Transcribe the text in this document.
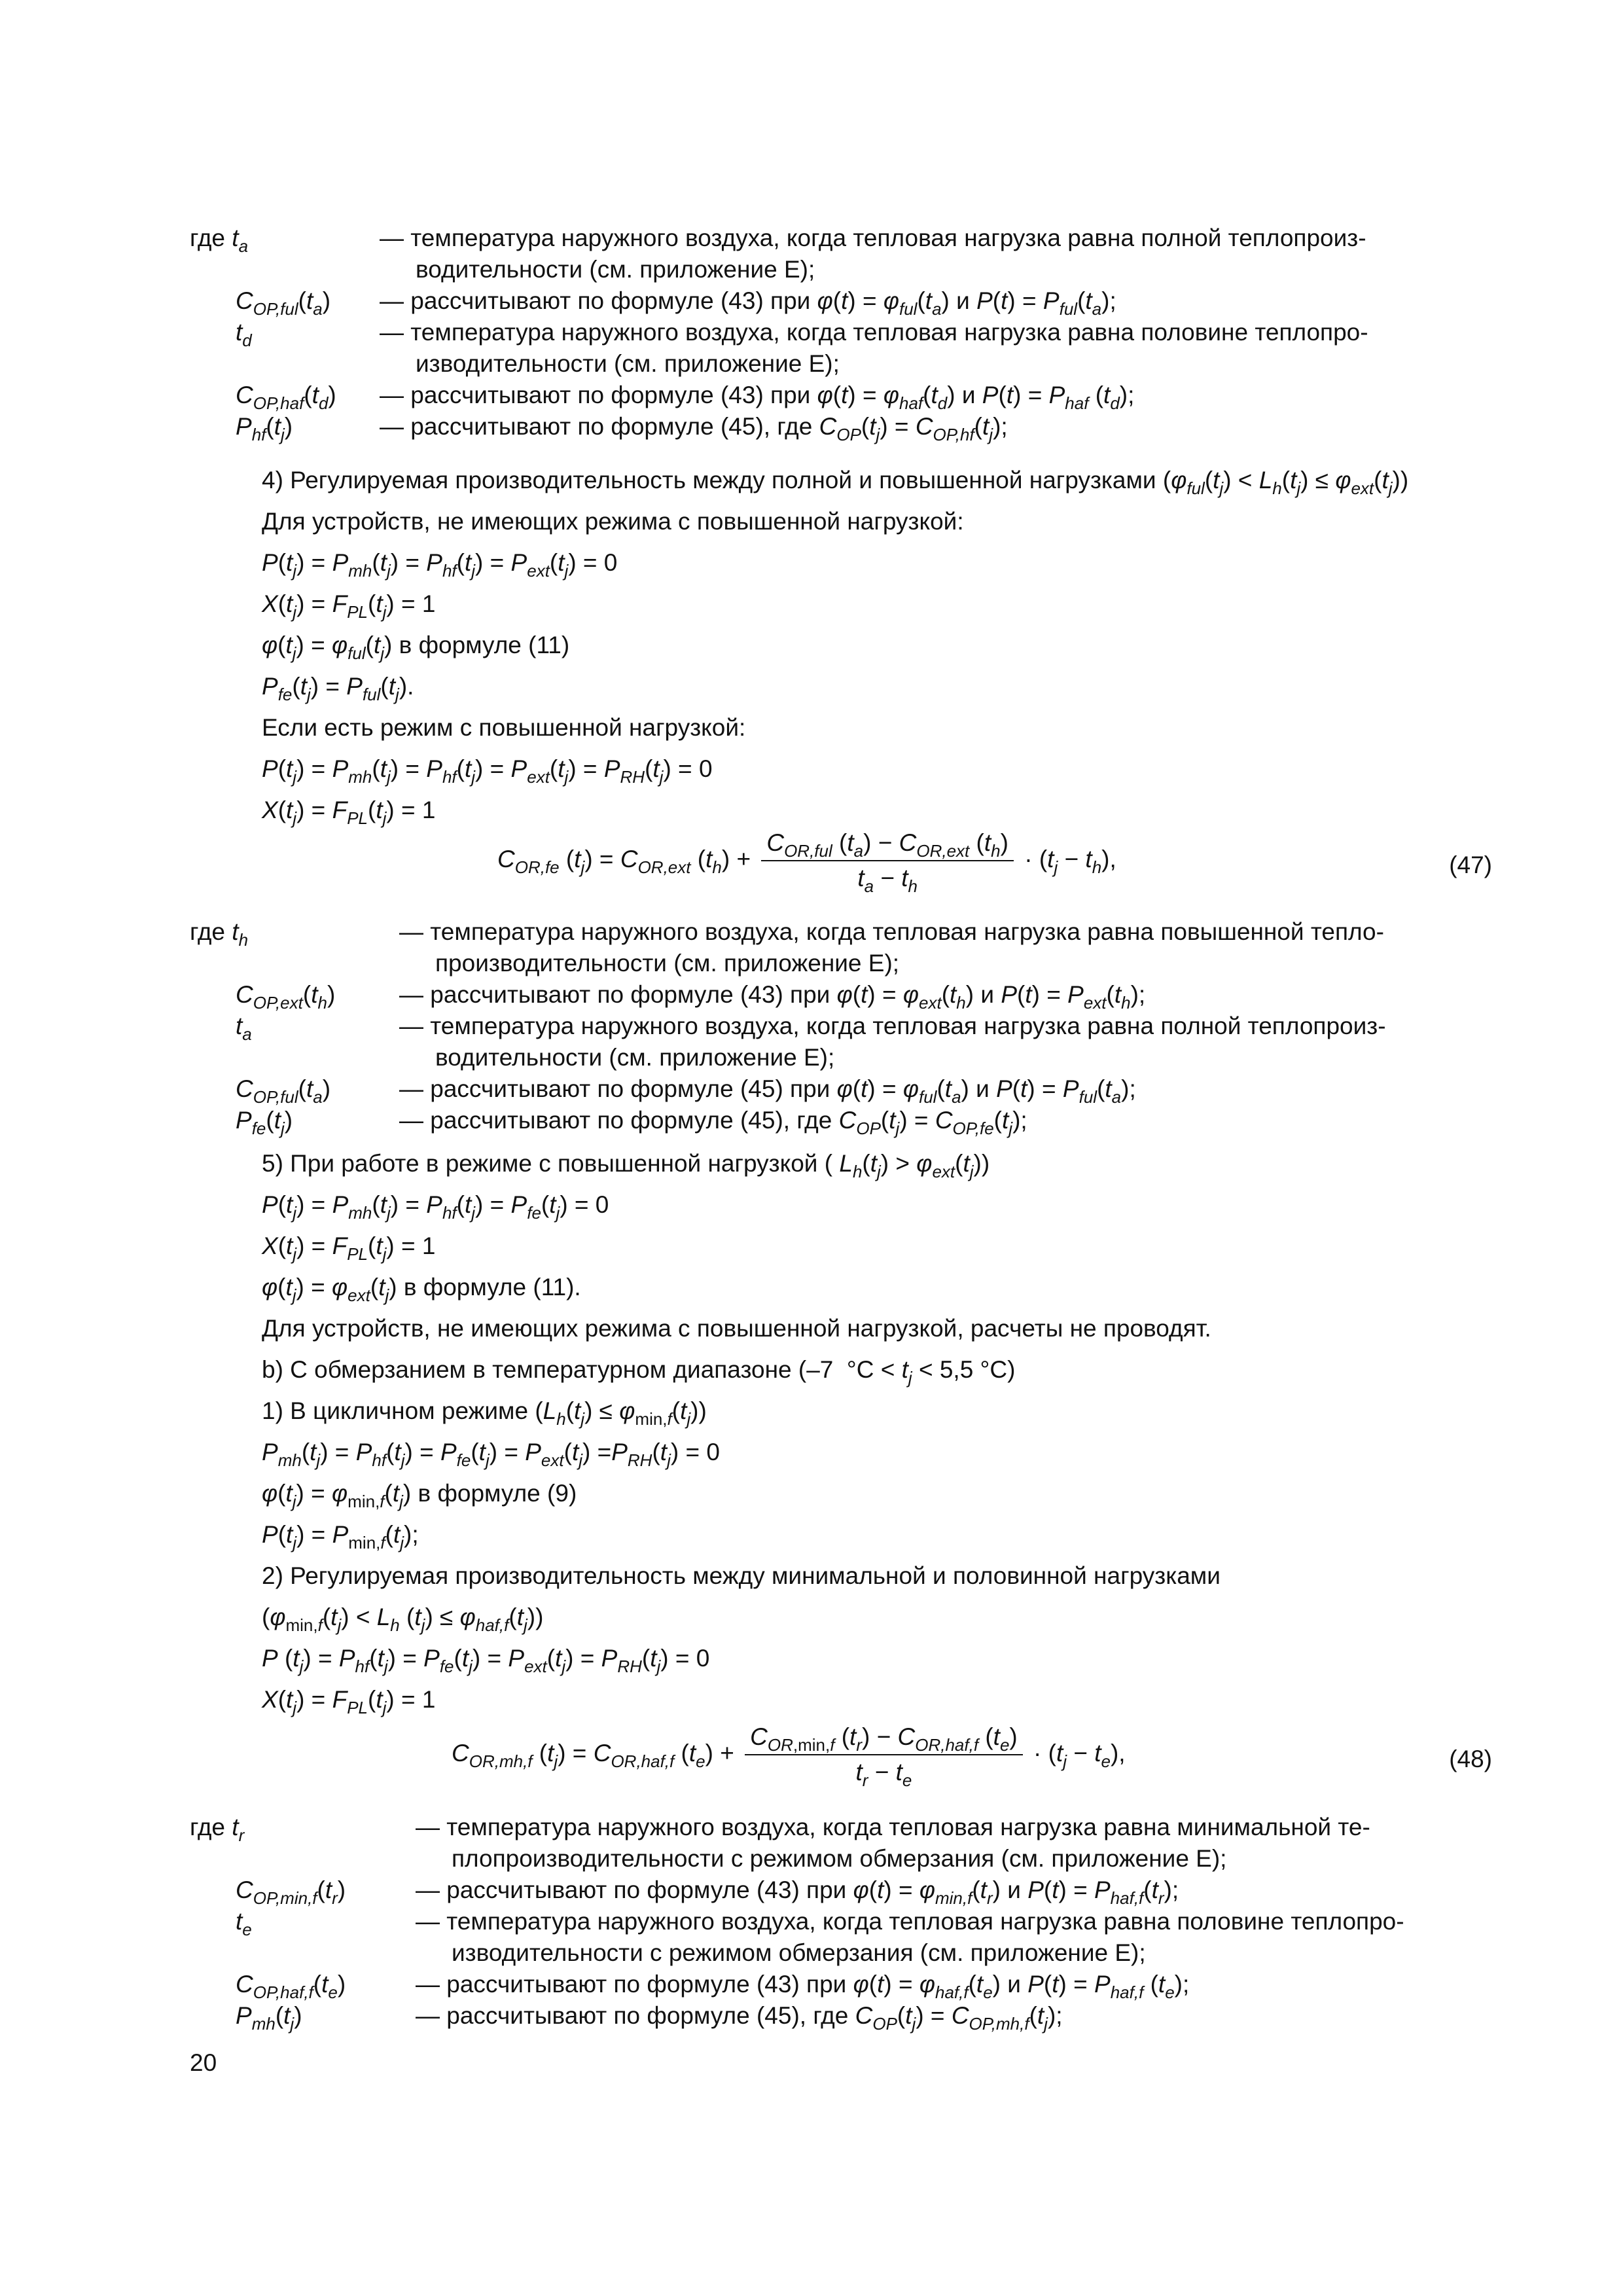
где $t_a$	— температура наружного воздуха, когда тепловая нагрузка равна полной теплопроиз-
водительности (см. приложение E);
$C_{OP,ful}(t_a)$	— рассчитывают по формуле (43) при $\varphi(t) = \varphi_{ful}(t_a)$ и $P(t) = P_{ful}(t_a)$;
$t_d$	— температура наружного воздуха, когда тепловая нагрузка равна половине теплопро-
изводительности (см. приложение E);
$C_{OP,haf}(t_d)$	— рассчитывают по формуле (43) при $\varphi(t) = \varphi_{haf}(t_d)$ и $P(t) = P_{haf}$ $(t_d)$;
$P_{hf}(t_j)$	— рассчитывают по формуле (45), где $C_{OP}(t_j) = C_{OP,hf}(t_j)$;

4) Регулируемая производительность между полной и повышенной нагрузками $(\varphi_{ful}(t_j) < L_h(t_j) \le \varphi_{ext}(t_j))$

Для устройств, не имеющих режима с повышенной нагрузкой:

$P(t_j) = P_{mh}(t_j) = P_{hf}(t_j) = P_{ext}(t_j) = 0$

$X(t_j) = F_{PL}(t_j) = 1$

$\varphi(t_j) = \varphi_{ful}(t_j)$ в формуле (11)

$P_{fe}(t_j) = P_{ful}(t_j)$.

Если есть режим с повышенной нагрузкой:

$P(t_j) = P_{mh}(t_j) = P_{hf}(t_j) = P_{ext}(t_j) = P_{RH}(t_j) = 0$

$X(t_j) = F_{PL}(t_j) = 1$

$C_{OR,fe}$ $(t_j) = C_{OR,ext}$ $(t_h) + \frac{C_{OR,ful} (t_a) - C_{OR,ext} (t_h)}{t_a - t_h} \cdot (t_j - t_h)$,	(47)
где $t_h$	— температура наружного воздуха, когда тепловая нагрузка равна повышенной тепло-
производительности (см. приложение E);
$C_{OP,ext}(t_h)$	— рассчитывают по формуле (43) при $\varphi(t) = \varphi_{ext}(t_h)$ и $P(t) = P_{ext}(t_h)$;
$t_a$	— температура наружного воздуха, когда тепловая нагрузка равна полной теплопроиз-
водительности (см. приложение E);
$C_{OP,ful}(t_a)$	— рассчитывают по формуле (45) при $\varphi(t) = \varphi_{ful}(t_a)$ и $P(t) = P_{ful}(t_a)$;
$P_{fe}(t_j)$	— рассчитывают по формуле (45), где $C_{OP}(t_j) = C_{OP,fe}(t_j)$;

5) При работе в режиме с повышенной нагрузкой ( $L_h(t_j) > \varphi_{ext}(t_j)$)

$P(t_j) = P_{mh}(t_j) = P_{hf}(t_j) = P_{fe}(t_j) = 0$

$X(t_j) = F_{PL}(t_j) = 1$

$\varphi(t_j) = \varphi_{ext}(t_j)$ в формуле (11).

Для устройств, не имеющих режима с повышенной нагрузкой, расчеты не проводят.

b) С обмерзанием в температурном диапазоне (–7  $^\circ C < t_j < 5,5$ °C)

1) В цикличном режиме $(L_h(t_j) \le \varphi_{min,f}(t_j))$

$P_{mh}(t_j) = P_{hf}(t_j) = P_{fe}(t_j) = P_{ext}(t_j) =P_{RH}(t_j) = 0$

$\varphi(t_j) = \varphi_{min,f}(t_j)$ в формуле (9)

$P(t_j) = P_{min,f}(t_j)$;

2) Регулируемая производительность между минимальной и половинной нагрузками

($\varphi_{min,f}(t_j) < L_h$ $(t_j) \le \varphi_{haf,f}(t_j)$)

P $(t_j) = P_{hf}(t_j) = P_{fe}(t_j) = P_{ext}(t_j) = P_{RH}(t_j) = 0$

$X(t_j) = F_{PL}(t_j) = 1$

$C_{OR,mh,f}$ $(t_j) = C_{OR,haf,f}$ $(t_e) + \frac{C_{OR,min,f} (t_r) - C_{OR,haf,f} (t_e)}{t_r - t_e} \cdot (t_j - t_e)$,	(48)
где $t_r$	— температура наружного воздуха, когда тепловая нагрузка равна минимальной те-
плопроизводительности с режимом обмерзания (см. приложение E);
$C_{OP,min,f}(t_r)$	— рассчитывают по формуле (43) при $\varphi(t) = \varphi_{min,f}(t_r)$ и $P(t) = P_{haf,f}(t_r)$;
$t_e$	— температура наружного воздуха, когда тепловая нагрузка равна половине теплопро-
изводительности с режимом обмерзания (см. приложение E);
$C_{OP,haf,f}(t_e)$	— рассчитывают по формуле (43) при $\varphi(t) = \varphi_{haf,f}(t_e)$ и $P(t) = P_{haf,f}$ $(t_e)$;
$P_{mh}(t_j)$	— рассчитывают по формуле (45), где $C_{OP}(t_j) = C_{OP,mh,f}(t_j)$;
20
